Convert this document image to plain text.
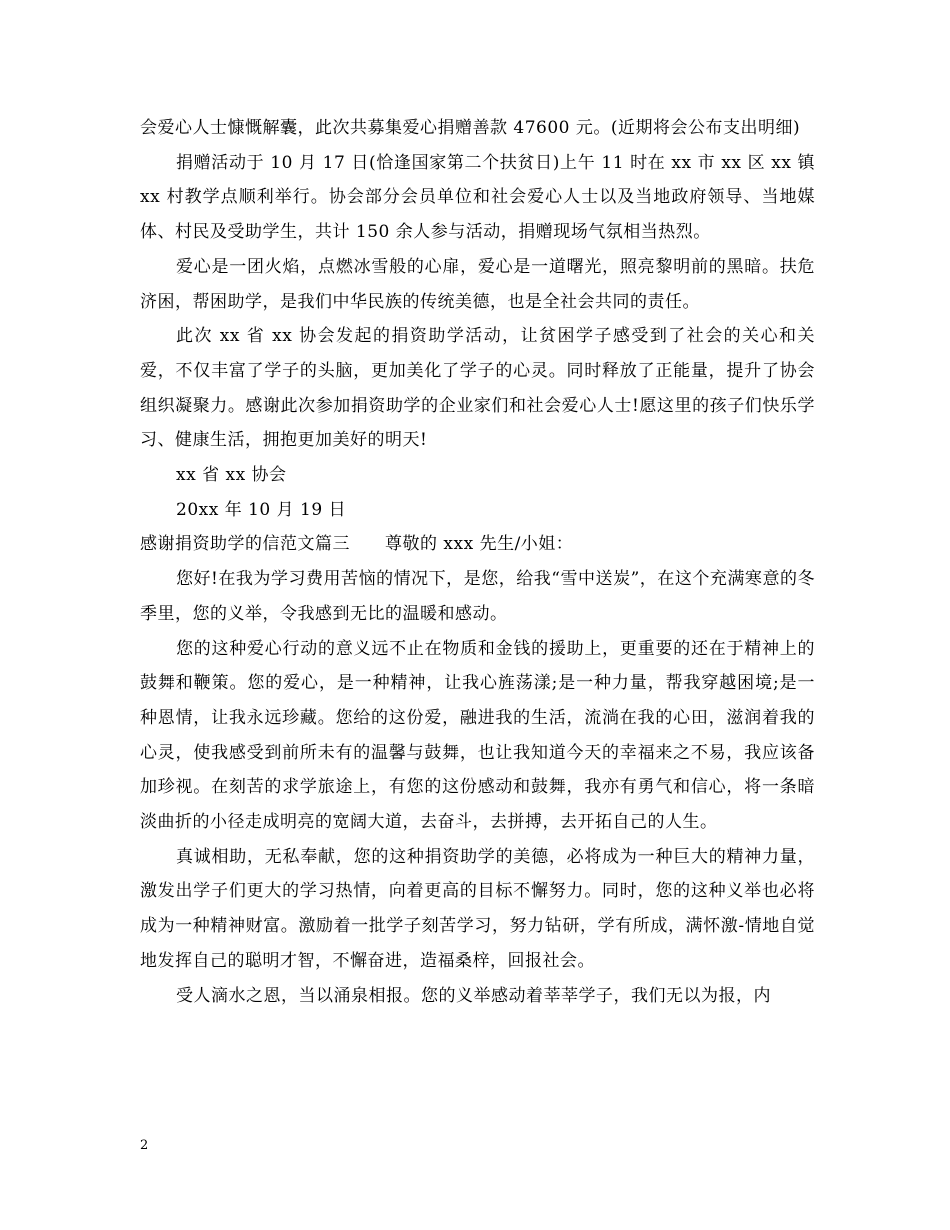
会爱心人士慷慨解囊，此次共募集爱心捐赠善款 47600 元。(近期将会公布支出明细)

捐赠活动于 10 月 17 日(恰逢国家第二个扶贫日)上午 11 时在 xx 市 xx 区 xx 镇 xx 村教学点顺利举行。协会部分会员单位和社会爱心人士以及当地政府领导、当地媒体、村民及受助学生，共计 150 余人参与活动，捐赠现场气氛相当热烈。

爱心是一团火焰，点燃冰雪般的心扉，爱心是一道曙光，照亮黎明前的黑暗。扶危济困，帮困助学，是我们中华民族的传统美德，也是全社会共同的责任。

此次 xx 省 xx 协会发起的捐资助学活动，让贫困学子感受到了社会的关心和关爱，不仅丰富了学子的头脑，更加美化了学子的心灵。同时释放了正能量，提升了协会组织凝聚力。感谢此次参加捐资助学的企业家们和社会爱心人士!愿这里的孩子们快乐学习、健康生活，拥抱更加美好的明天!

xx 省 xx 协会

20xx 年 10 月 19 日

感谢捐资助学的信范文篇三　　尊敬的 xxx 先生/小姐：

您好!在我为学习费用苦恼的情况下，是您，给我“雪中送炭”，在这个充满寒意的冬季里，您的义举，令我感到无比的温暖和感动。

您的这种爱心行动的意义远不止在物质和金钱的援助上，更重要的还在于精神上的鼓舞和鞭策。您的爱心，是一种精神，让我心旌荡漾;是一种力量，帮我穿越困境;是一种恩情，让我永远珍藏。您给的这份爱，融进我的生活，流淌在我的心田，滋润着我的心灵，使我感受到前所未有的温馨与鼓舞，也让我知道今天的幸福来之不易，我应该备加珍视。在刻苦的求学旅途上，有您的这份感动和鼓舞，我亦有勇气和信心，将一条暗淡曲折的小径走成明亮的宽阔大道，去奋斗，去拼搏，去开拓自己的人生。

真诚相助，无私奉献，您的这种捐资助学的美德，必将成为一种巨大的精神力量，激发出学子们更大的学习热情，向着更高的目标不懈努力。同时，您的这种义举也必将成为一种精神财富。激励着一批学子刻苦学习，努力钻研，学有所成，满怀激-情地自觉地发挥自己的聪明才智，不懈奋进，造福桑梓，回报社会。

受人滴水之恩，当以涌泉相报。您的义举感动着莘莘学子，我们无以为报，内

2
